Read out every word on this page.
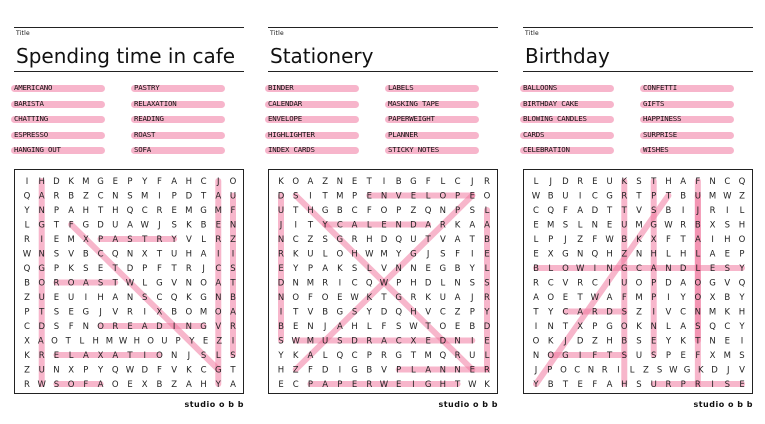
Title
Spending time in cafe
AMERICANO
BARISTA
CHATTING
ESPRESSO
HANGING OUT
PASTRY
RELAXATION
READING
ROAST
SOFA
I H D K M G E P Y F A H C J O
Q A R B Z C N S M I P D T A U
Y N P A H T H Q C R E M G M F
L G T F G D U A W J S K B E N
R I E M X P A S T R Y V L R Z
W N S V B C Q N X T U H A I I
Q G P K S E T D P F T R J C S
B O R O A S T W L G V N O A T
Z U E U I H A N S C Q K G N B
P T S E G J V R I X B O M O A
C D S F N O R E A D I N G V R
X A O T L H M W H O U P Y E Z I
K R E L A X A T I O N J S L S
Z U N X P Y Q W D F V K C G T
R W S O F A O E X B Z A H Y A
studio o b b
Title
Stationery
BINDER
CALENDAR
ENVELOPE
HIGHLIGHTER
INDEX CARDS
LABELS
MASKING TAPE
PAPERWEIGHT
PLANNER
STICKY NOTES
K O A Z N E T I B G F L C J R
D S I T M P E N V E L O P E O
U T H G B C F O P Z Q N P S L
J I T Y C A L E N D A R K A A
N C Z S G R H D Q U T V A T B
R K U L O H W M Y G J S F I E
E Y P A K S L V N N E G B Y L
D N M R I C Q W P H D L N S S
N O F O E W K T G R K U A J R
I T V B G S Y D Q H V C Z P Y
B E N J A H L F S W T O E B D
S W M U S D R A C X E D N I E
Y K A L Q C P R G T M Q R U L
H Z F D I G B V P L A N N E R
E C P A P E R W E I G H T W K
studio o b b
Title
Birthday
BALLOONS
BIRTHDAY CAKE
BLOWING CANDLES
CARDS
CELEBRATION
CONFETTI
GIFTS
HAPPINESS
SURPRISE
WISHES
L J D R E U K S T H A F N C Q
W B U I C G R T P T B U M W Z
C Q F A D T T V S B I J R I L
E M S L N E U M G W R B X S H
L P J Z F W B K X F T A I H O
E X G N Q H Z N H L H L A E P
B L O W I N G C A N D L E S Y
R C V R C I U O P D A O G V Q
A O E T W A F M P I Y O X B Y
T Y C A R D S Z I V C N M K H
I N T X P G O K N L A S Q C Y
O K J D Z H B S E Y K T N E I
N O G I F T S U S P E F X M S
J P O C N R I L Z S W G K D J V
Y B T E F A H S U R P R I S E
studio o b b
